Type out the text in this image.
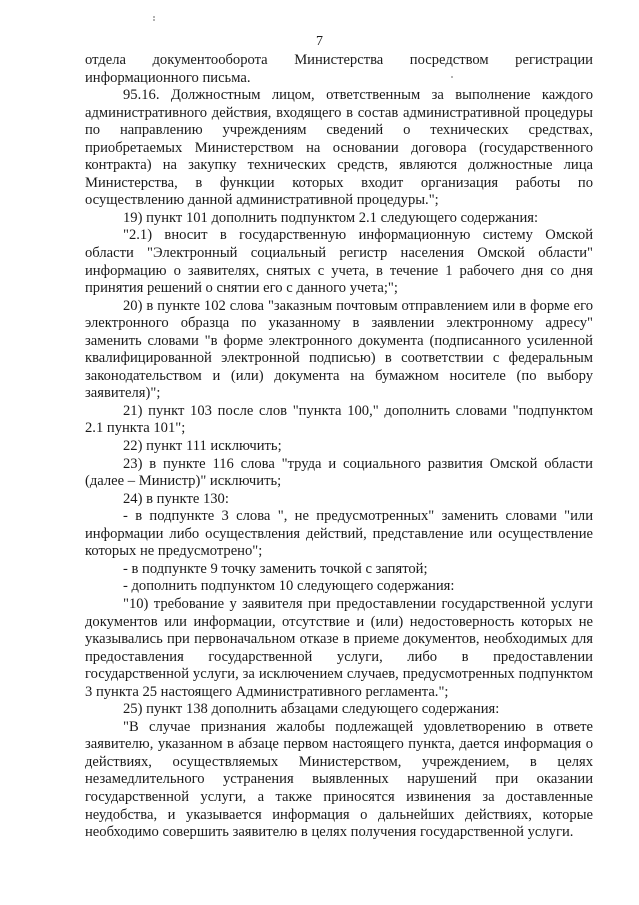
7

отдела документооборота Министерства посредством регистрации информационного письма.

95.16. Должностным лицом, ответственным за выполнение каждого административного действия, входящего в состав административной процедуры по направлению учреждениям сведений о технических средствах, приобретаемых Министерством на основании договора (государственного контракта) на закупку технических средств, являются должностные лица Министерства, в функции которых входит организация работы по осуществлению данной административной процедуры.";

19) пункт 101 дополнить подпунктом 2.1 следующего содержания:

"2.1) вносит в государственную информационную систему Омской области "Электронный социальный регистр населения Омской области" информацию о заявителях, снятых с учета, в течение 1 рабочего дня со дня принятия решений о снятии его с данного учета;";

20) в пункте 102 слова "заказным почтовым отправлением или в форме его электронного образца по указанному в заявлении электронному адресу" заменить словами "в форме электронного документа (подписанного усиленной квалифицированной электронной подписью) в соответствии с федеральным законодательством и (или) документа на бумажном носителе (по выбору заявителя)";

21) пункт 103 после слов "пункта 100," дополнить словами "подпунктом 2.1 пункта 101";

22) пункт 111 исключить;

23) в пункте 116 слова "труда и социального развития Омской области (далее – Министр)" исключить;

24) в пункте 130:

- в подпункте 3 слова ", не предусмотренных" заменить словами "или информации либо осуществления действий, представление или осуществление которых не предусмотрено";

- в подпункте 9 точку заменить точкой с запятой;

- дополнить подпунктом 10 следующего содержания:

"10) требование у заявителя при предоставлении государственной услуги документов или информации, отсутствие и (или) недостоверность которых не указывались при первоначальном отказе в приеме документов, необходимых для предоставления государственной услуги, либо в предоставлении государственной услуги, за исключением случаев, предусмотренных подпунктом 3 пункта 25 настоящего Административного регламента.";

25) пункт 138 дополнить абзацами следующего содержания:

"В случае признания жалобы подлежащей удовлетворению в ответе заявителю, указанном в абзаце первом настоящего пункта, дается информация о действиях, осуществляемых Министерством, учреждением, в целях незамедлительного устранения выявленных нарушений при оказании государственной услуги, а также приносятся извинения за доставленные неудобства, и указывается информация о дальнейших действиях, которые необходимо совершить заявителю в целях получения государственной услуги.
